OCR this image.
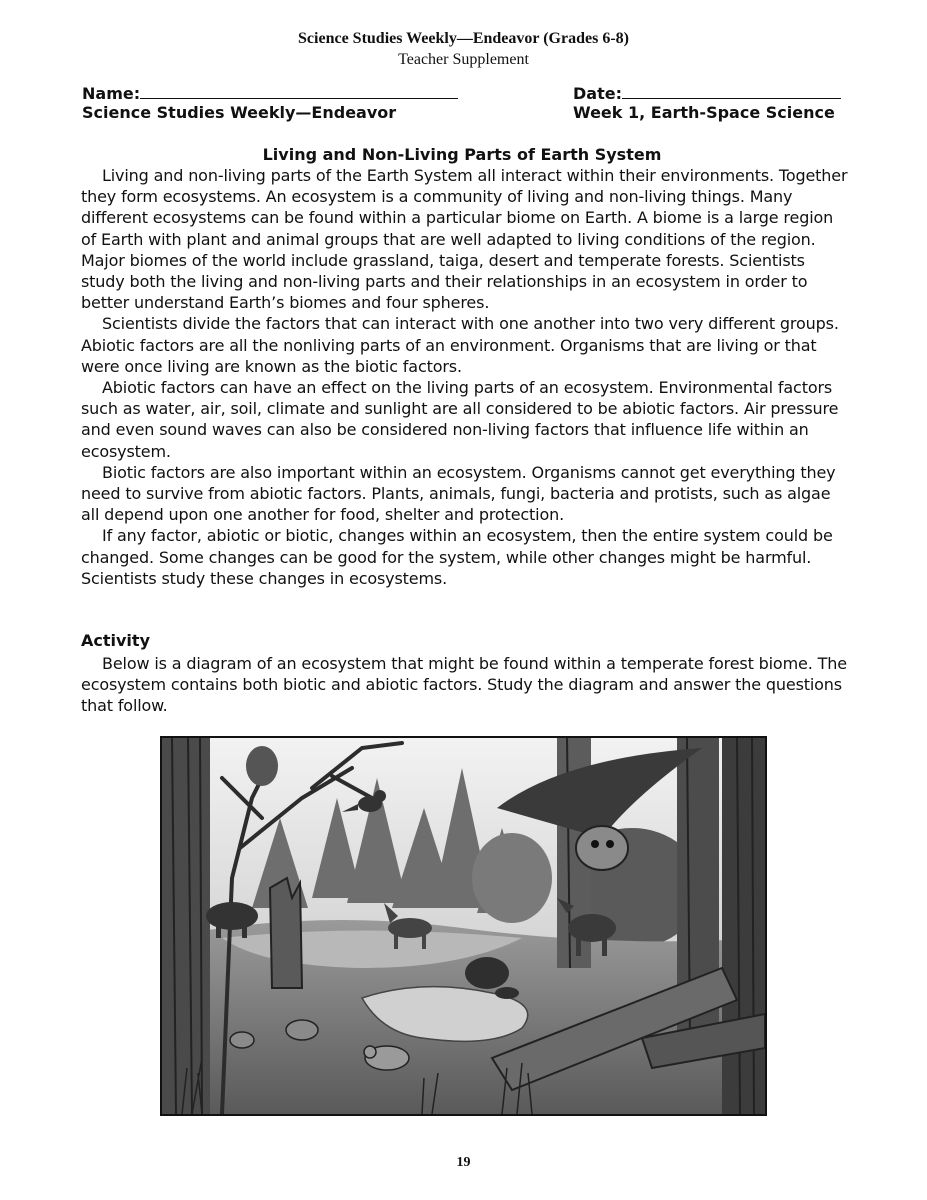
Science Studies Weekly—Endeavor (Grades 6-8)
Teacher Supplement
Name:	Date:
Science Studies Weekly—Endeavor	Week 1, Earth-Space Science
Living and Non-Living Parts of Earth System

Living and non-living parts of the Earth System all interact within their environments. Together they form ecosystems. An ecosystem is a community of living and non-living things. Many different ecosystems can be found within a particular biome on Earth. A biome is a large region of Earth with plant and animal groups that are well adapted to living conditions of the region. Major biomes of the world include grassland, taiga, desert and temperate forests. Scientists study both the living and non-living parts and their relationships in an ecosystem in order to better understand Earth’s biomes and four spheres.

Scientists divide the factors that can interact with one another into two very different groups. Abiotic factors are all the nonliving parts of an environment. Organisms that are living or that were once living are known as the biotic factors.

Abiotic factors can have an effect on the living parts of an ecosystem. Environmental factors such as water, air, soil, climate and sunlight are all considered to be abiotic factors. Air pressure and even sound waves can also be considered non-living factors that influence life within an ecosystem.

Biotic factors are also important within an ecosystem. Organisms cannot get everything they need to survive from abiotic factors. Plants, animals, fungi, bacteria and protists, such as algae all depend upon one another for food, shelter and protection.

If any factor, abiotic or biotic, changes within an ecosystem, then the entire system could be changed. Some changes can be good for the system, while other changes might be harmful. Scientists study these changes in ecosystems.

Activity

Below is a diagram of an ecosystem that might be found within a temperate forest biome. The ecosystem contains both biotic and abiotic factors. Study the diagram and answer the questions that follow.

19
